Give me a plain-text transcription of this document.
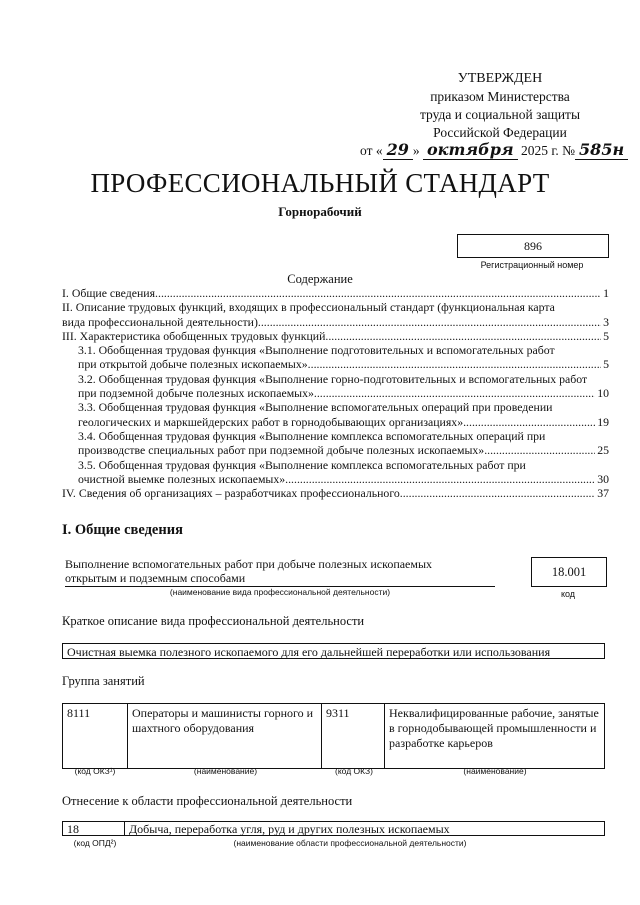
УТВЕРЖДЕН
приказом Министерства
труда и социальной защиты
Российской Федерации
от « 29 » октября 2025 г. № 585н
ПРОФЕССИОНАЛЬНЫЙ СТАНДАРТ
Горнорабочий
896
Регистрационный номер
Содержание
I. Общие сведения .....	1
II. Описание трудовых функций, входящих в профессиональный стандарт (функциональная карта
вида профессиональной деятельности) .....	3
III. Характеристика обобщенных трудовых функций .....	5
3.1. Обобщенная трудовая функция «Выполнение подготовительных и вспомогательных работ
при открытой добыче полезных ископаемых» .....	5
3.2. Обобщенная трудовая функция «Выполнение горно-подготовительных и вспомогательных работ
при подземной добыче полезных ископаемых» .....	10
3.3. Обобщенная трудовая функция «Выполнение вспомогательных операций при проведении
геологических и маркшейдерских работ в горнодобывающих организациях» .....	19
3.4. Обобщенная трудовая функция «Выполнение комплекса вспомогательных операций при
производстве специальных работ при подземной добыче полезных ископаемых» .....	25
3.5. Обобщенная трудовая функция «Выполнение комплекса вспомогательных работ при
очистной выемке полезных ископаемых» .....	30
IV. Сведения об организациях – разработчиках профессионального .....	37
I. Общие сведения
Выполнение вспомогательных работ при добыче полезных ископаемых
открытым и подземным способами
(наименование вида профессиональной деятельности)
18.001
код
Краткое описание вида профессиональной деятельности
Очистная выемка полезного ископаемого для его дальнейшей переработки или использования
Группа занятий
8111	Операторы и машинисты горного и шахтного оборудования	9311	Неквалифицированные рабочие, занятые в горнодобывающей промышленности и разработке карьеров
(код ОКЗ¹)	(наименование)	(код ОКЗ)	(наименование)
Отнесение к области профессиональной деятельности
18	Добыча, переработка угля, руд и других полезных ископаемых
(код ОПД²)	(наименование области профессиональной деятельности)
